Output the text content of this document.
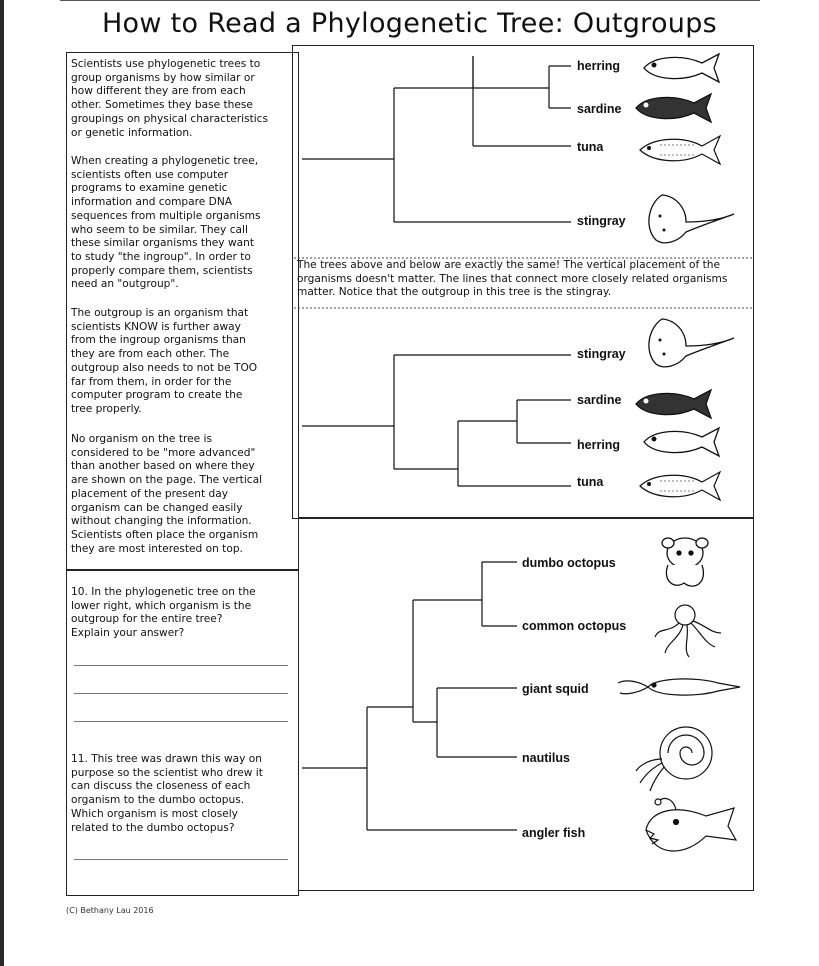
How to Read a Phylogenetic Tree: Outgroups
Scientists use phylogenetic trees to
group organisms by how similar or
how different they are from each
other. Sometimes they base these
groupings on physical characteristics
or genetic information.
When creating a phylogenetic tree,
scientists often use computer
programs to examine genetic
information and compare DNA
sequences from multiple organisms
who seem to be similar. They call
these similar organisms they want
to study "the ingroup". In order to
properly compare them, scientists
need an "outgroup".
The outgroup is an organism that
scientists KNOW is further away
from the ingroup organisms than
they are from each other. The
outgroup also needs to not be TOO
far from them, in order for the
computer program to create the
tree properly.
No organism on the tree is
considered to be "more advanced"
than another based on where they
are shown on the page. The vertical
placement of the present day
organism can be changed easily
without changing the information.
Scientists often place the organism
they are most interested on top.
10. In the phylogenetic tree on the
lower right, which organism is the
outgroup for the entire tree?
Explain your answer?
11. This tree was drawn this way on
purpose so the scientist who drew it
can discuss the closeness of each
organism to the dumbo octopus.
Which organism is most closely
related to the dumbo octopus?
The trees above and below are exactly the same! The vertical placement of the organisms doesn't matter. The lines that connect more closely related organisms matter. Notice that the outgroup in this tree is the stingray.
herring
sardine
tuna
stingray
stingray
sardine
herring
tuna
dumbo octopus
common octopus
giant squid
nautilus
angler fish
(C) Bethany Lau 2016
